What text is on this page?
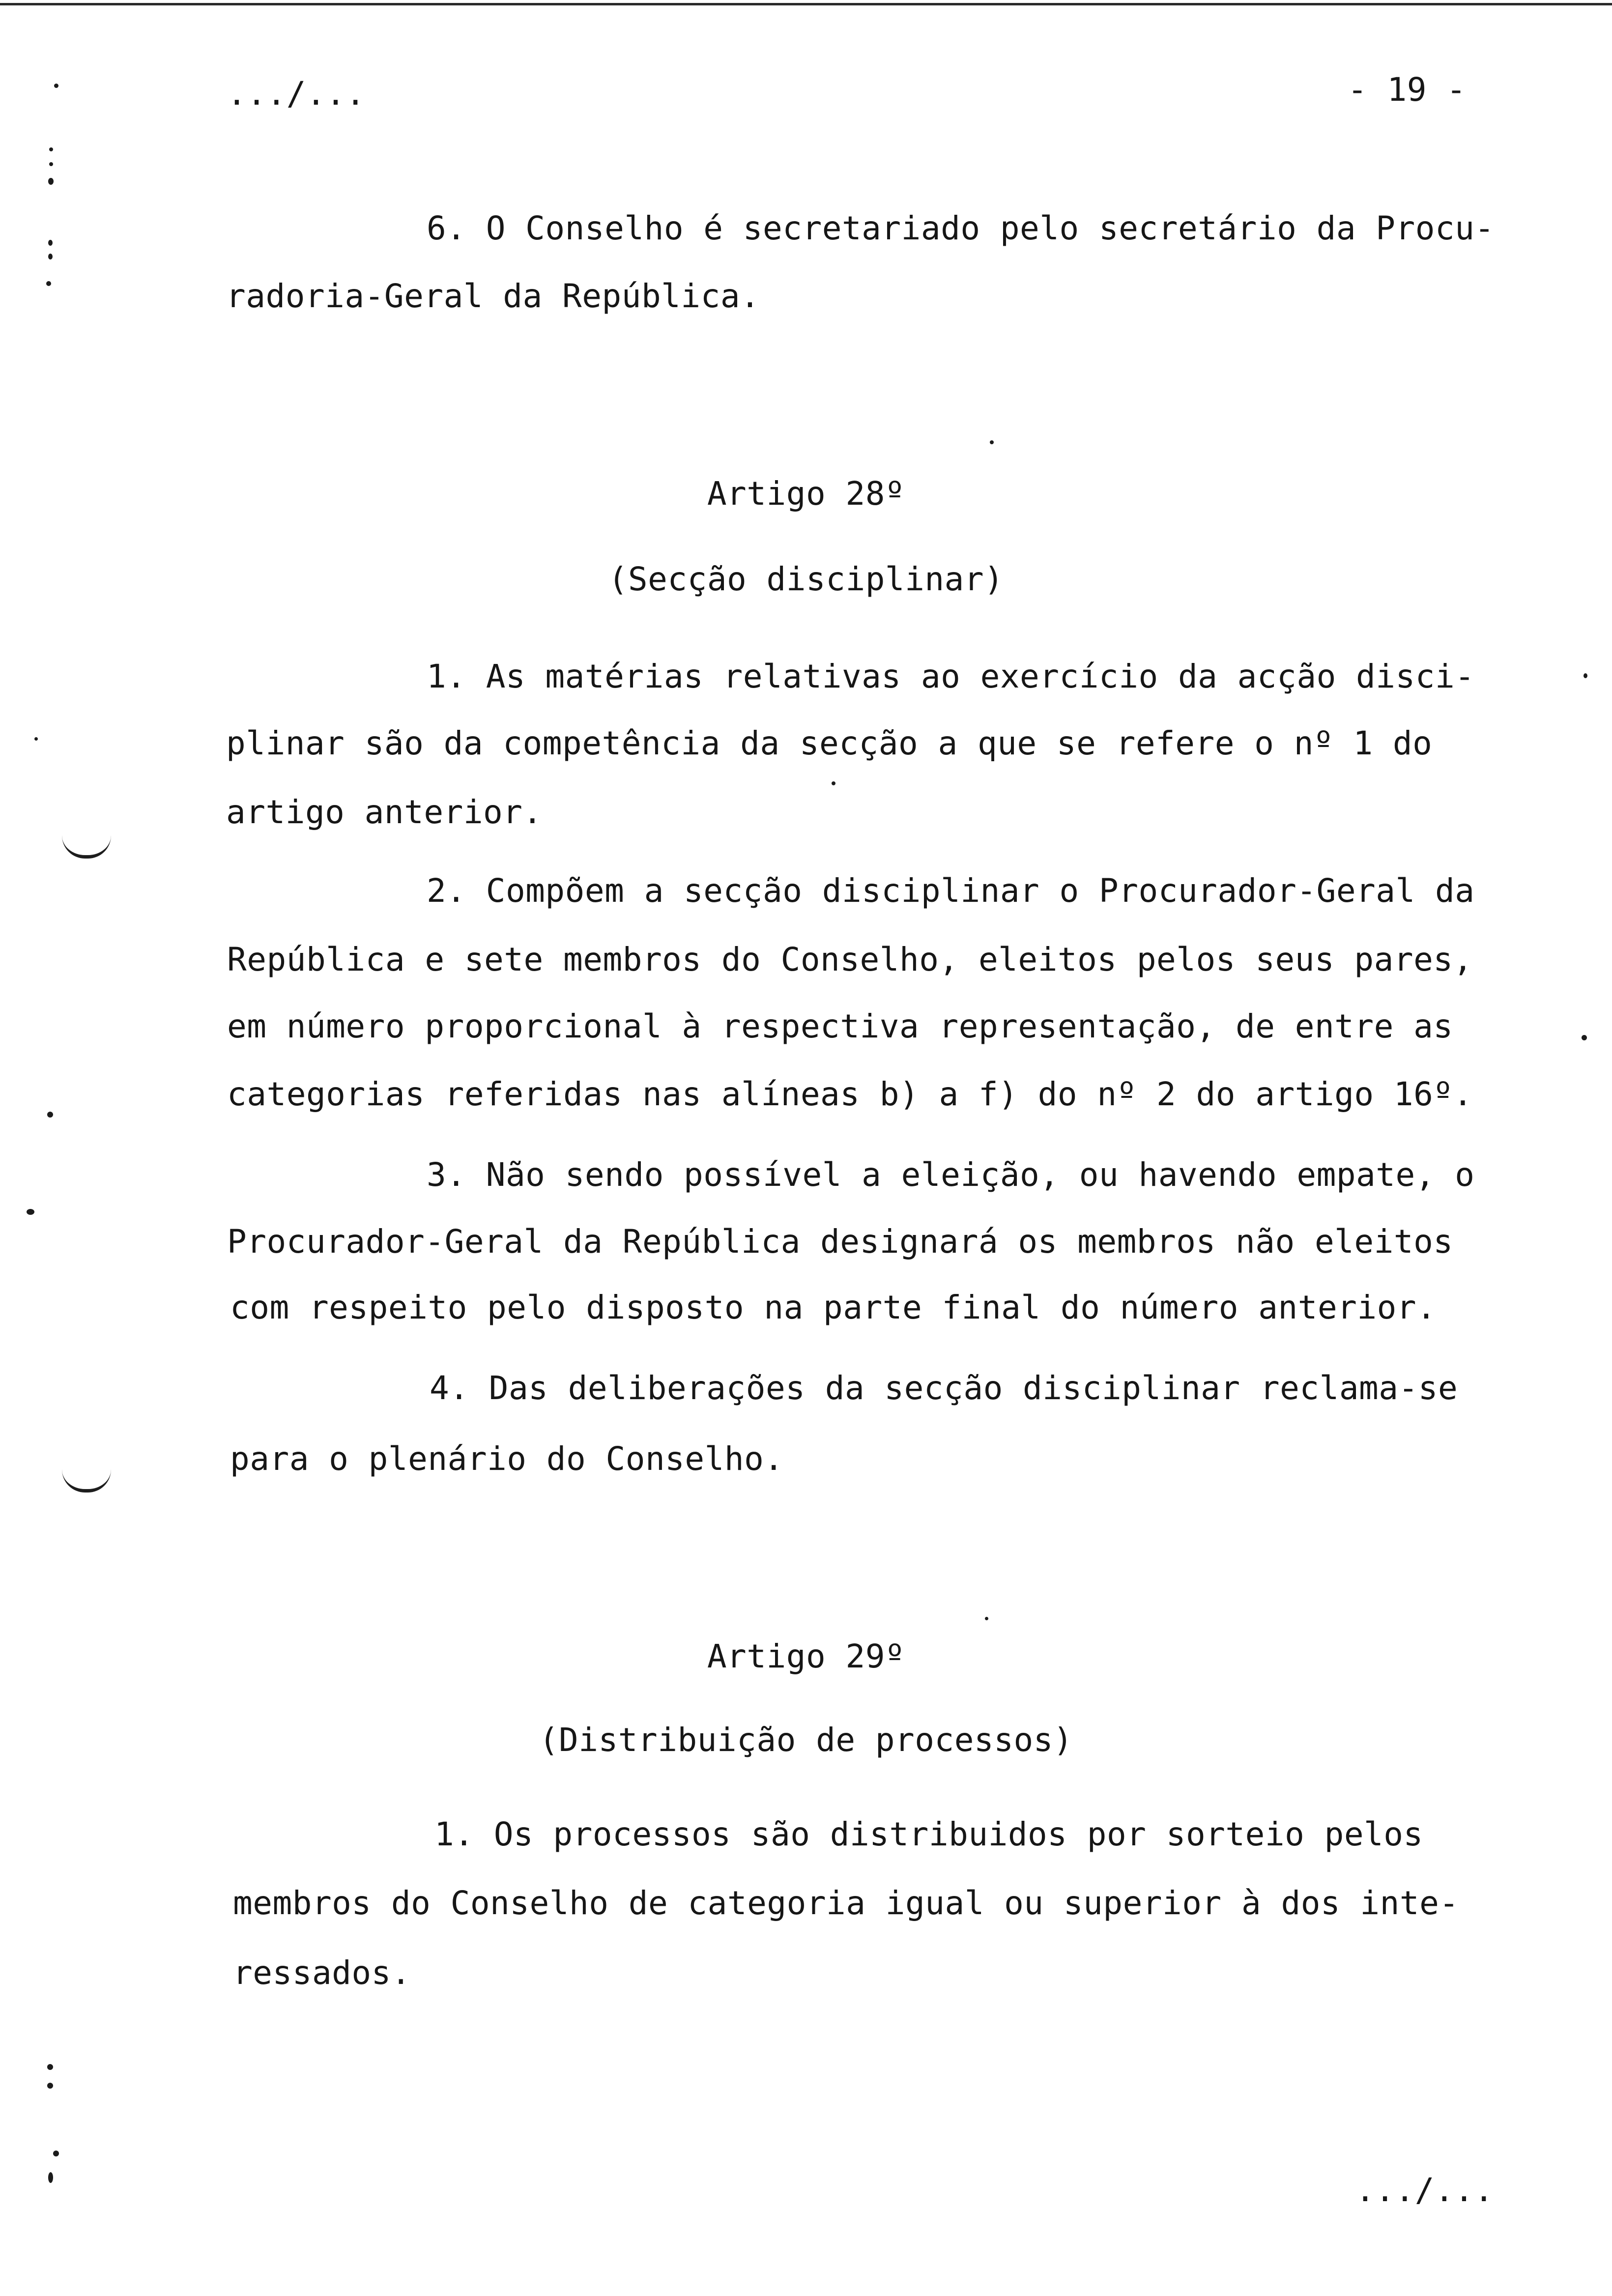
.../...	- 19 -
6. O Conselho é secretariado pelo secretário da Procu-
radoria-Geral da República.
Artigo 28º
(Secção disciplinar)
1. As matérias relativas ao exercício da acção disci-
plinar são da competência da secção a que se refere o nº 1 do
artigo anterior.
2. Compõem a secção disciplinar o Procurador-Geral da
República e sete membros do Conselho, eleitos pelos seus pares,
em número proporcional à respectiva representação, de entre as
categorias referidas nas alíneas b) a f) do nº 2 do artigo 16º.
3. Não sendo possível a eleição, ou havendo empate, o
Procurador-Geral da República designará os membros não eleitos
com respeito pelo disposto na parte final do número anterior.
4. Das deliberações da secção disciplinar reclama-se
para o plenário do Conselho.
Artigo 29º
(Distribuição de processos)
1. Os processos são distribuidos por sorteio pelos
membros do Conselho de categoria igual ou superior à dos inte-
ressados.
.../...
